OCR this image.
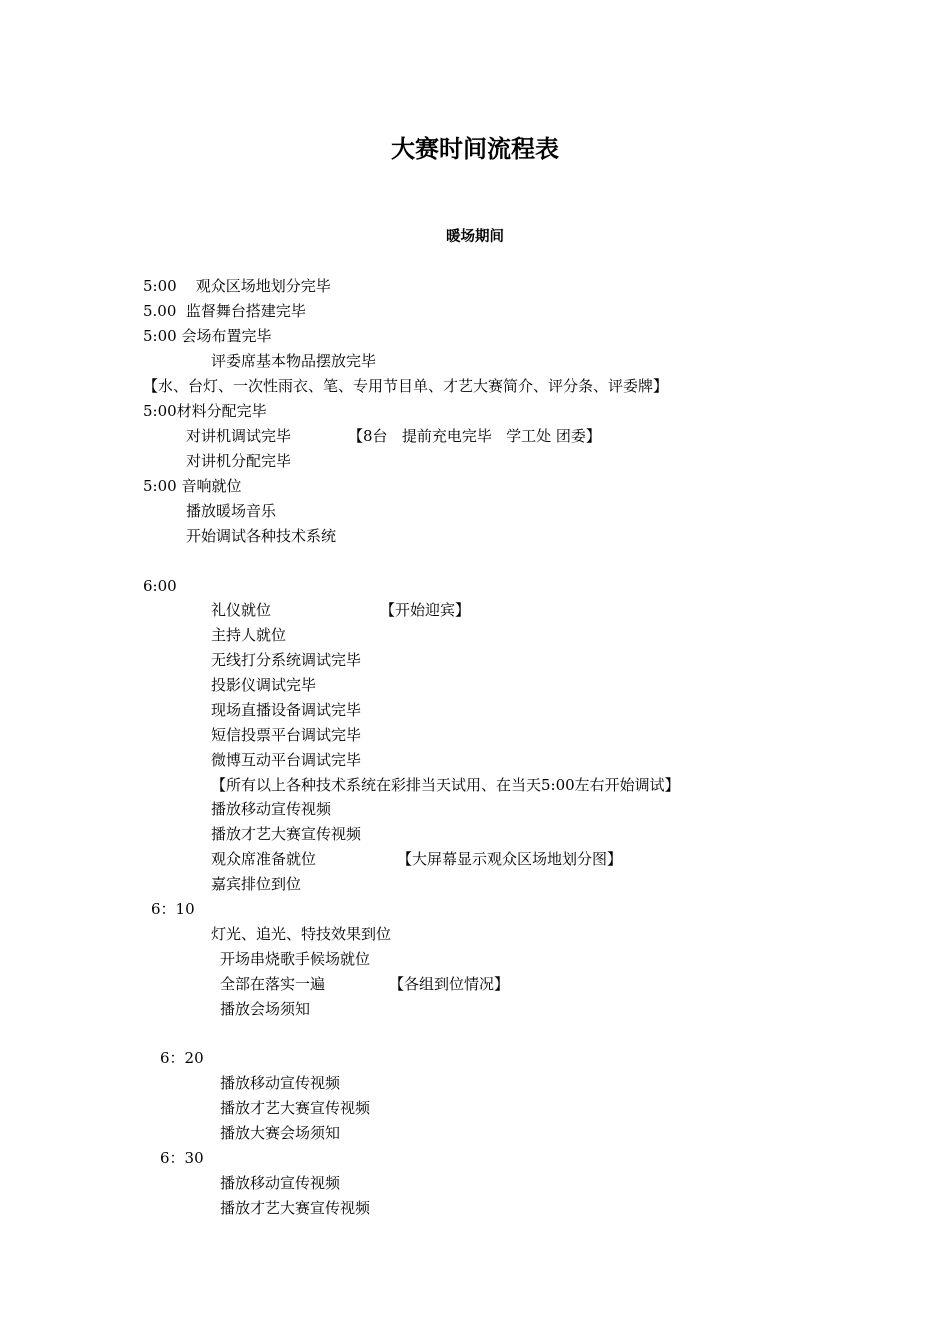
大赛时间流程表
暖场期间
5:00    观众区场地划分完毕
5.00  监督舞台搭建完毕
5:00 会场布置完毕
评委席基本物品摆放完毕
【水、台灯、一次性雨衣、笔、专用节目单、才艺大赛简介、评分条、评委牌】
5:00材料分配完毕
对讲机调试完毕	【8台   提前充电完毕   学工处 团委】
对讲机分配完毕
5:00 音响就位
播放暖场音乐
开始调试各种技术系统
6:00
礼仪就位	【开始迎宾】
主持人就位
无线打分系统调试完毕
投影仪调试完毕
现场直播设备调试完毕
短信投票平台调试完毕
微博互动平台调试完毕
【所有以上各种技术系统在彩排当天试用、在当天5:00左右开始调试】
播放移动宣传视频
播放才艺大赛宣传视频
观众席准备就位	【大屏幕显示观众区场地划分图】
嘉宾排位到位
6：10
灯光、追光、特技效果到位
开场串烧歌手候场就位
全部在落实一遍	【各组到位情况】
播放会场须知
6：20
播放移动宣传视频
播放才艺大赛宣传视频
播放大赛会场须知
6：30
播放移动宣传视频
播放才艺大赛宣传视频
